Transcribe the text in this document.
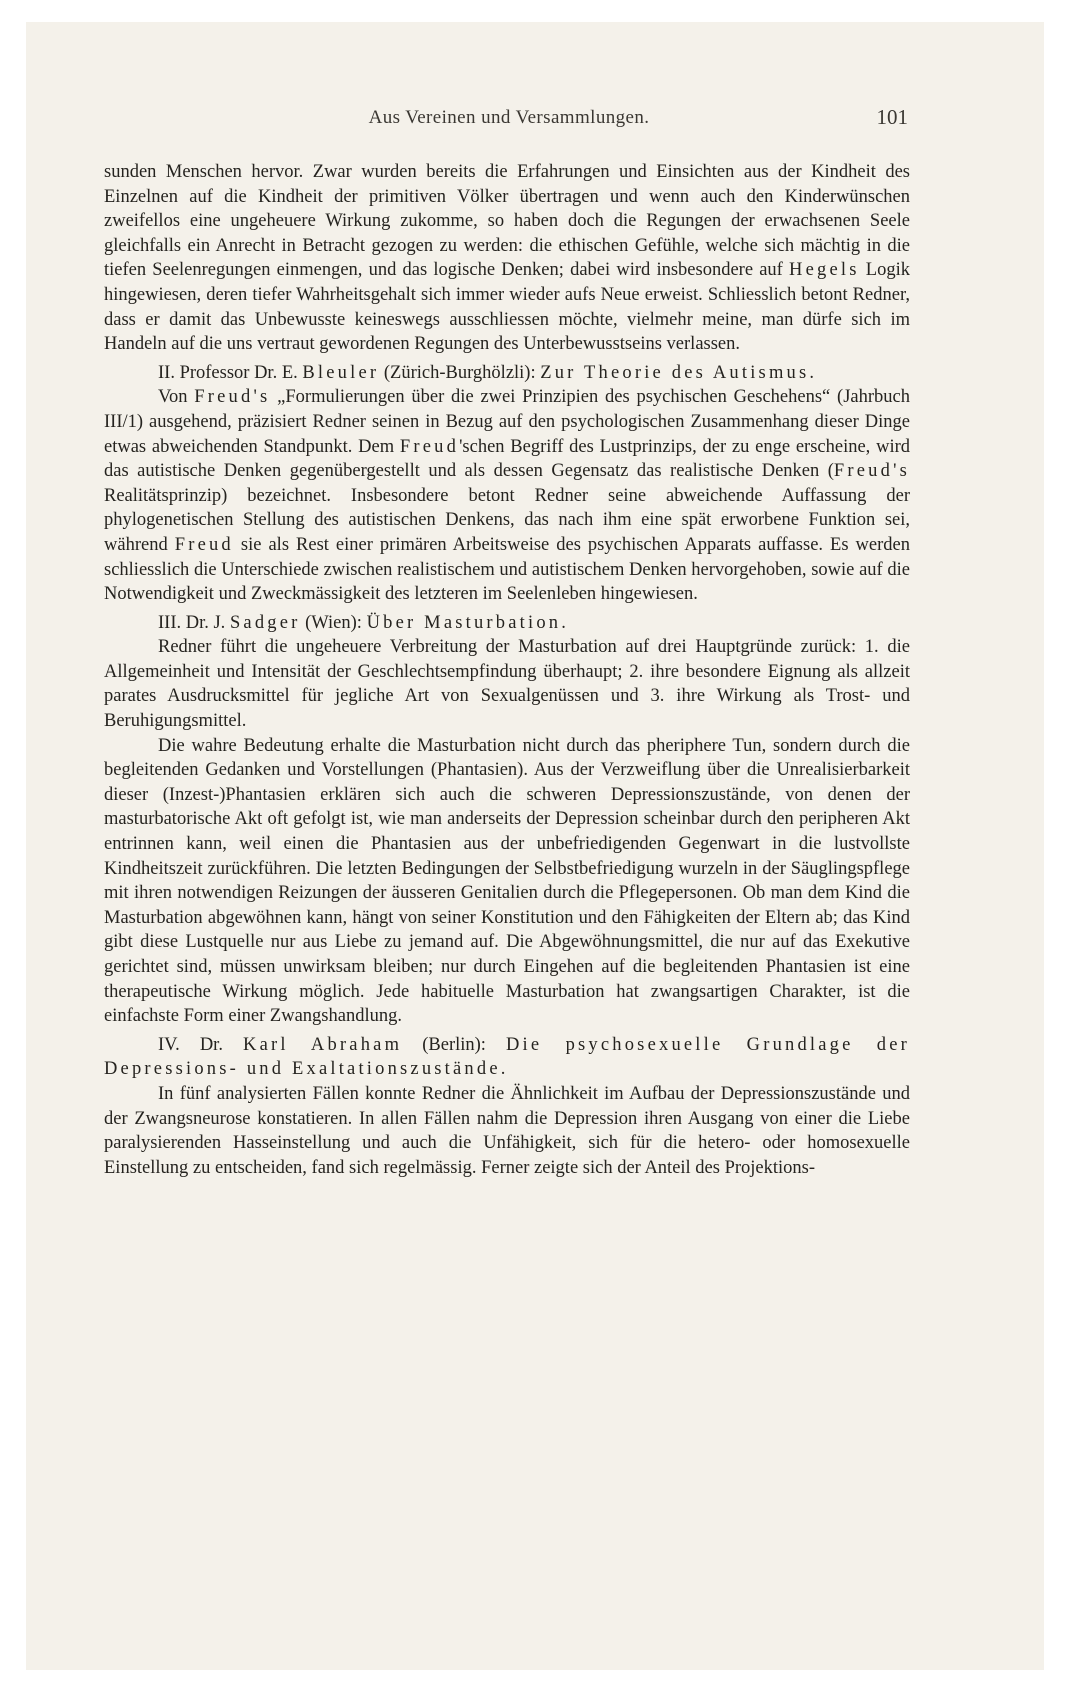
Aus Vereinen und Versammlungen.	101

sunden Menschen hervor. Zwar wurden bereits die Erfahrungen und Einsichten aus der Kindheit des Einzelnen auf die Kindheit der primitiven Völker übertragen und wenn auch den Kinderwünschen zweifellos eine ungeheuere Wirkung zukomme, so haben doch die Regungen der erwachsenen Seele gleichfalls ein Anrecht in Betracht gezogen zu werden: die ethischen Gefühle, welche sich mächtig in die tiefen Seelenregungen einmengen, und das logische Denken; dabei wird insbesondere auf Hegels Logik hingewiesen, deren tiefer Wahrheitsgehalt sich immer wieder aufs Neue erweist. Schliesslich betont Redner, dass er damit das Unbewusste keineswegs ausschliessen möchte, vielmehr meine, man dürfe sich im Handeln auf die uns vertraut gewordenen Regungen des Unterbewusstseins verlassen.

II. Professor Dr. E. Bleuler (Zürich-Burghölzli): Zur Theorie des Autismus.

Von Freud's „Formulierungen über die zwei Prinzipien des psychischen Geschehens“ (Jahrbuch III/1) ausgehend, präzisiert Redner seinen in Bezug auf den psychologischen Zusammenhang dieser Dinge etwas abweichenden Standpunkt. Dem Freud'schen Begriff des Lustprinzips, der zu enge erscheine, wird das autistische Denken gegenübergestellt und als dessen Gegensatz das realistische Denken (Freud's Realitätsprinzip) bezeichnet. Insbesondere betont Redner seine abweichende Auffassung der phylogenetischen Stellung des autistischen Denkens, das nach ihm eine spät erworbene Funktion sei, während Freud sie als Rest einer primären Arbeitsweise des psychischen Apparats auffasse. Es werden schliesslich die Unterschiede zwischen realistischem und autistischem Denken hervorgehoben, sowie auf die Notwendigkeit und Zweckmässigkeit des letzteren im Seelenleben hingewiesen.

III. Dr. J. Sadger (Wien): Über Masturbation.

Redner führt die ungeheuere Verbreitung der Masturbation auf drei Hauptgründe zurück: 1. die Allgemeinheit und Intensität der Geschlechtsempfindung überhaupt; 2. ihre besondere Eignung als allzeit parates Ausdrucksmittel für jegliche Art von Sexualgenüssen und 3. ihre Wirkung als Trost- und Beruhigungsmittel.

Die wahre Bedeutung erhalte die Masturbation nicht durch das pheriphere Tun, sondern durch die begleitenden Gedanken und Vorstellungen (Phantasien). Aus der Verzweiflung über die Unrealisierbarkeit dieser (Inzest-)Phantasien erklären sich auch die schweren Depressionszustände, von denen der masturbatorische Akt oft gefolgt ist, wie man anderseits der Depression scheinbar durch den peripheren Akt entrinnen kann, weil einen die Phantasien aus der unbefriedigenden Gegenwart in die lustvollste Kindheitszeit zurückführen. Die letzten Bedingungen der Selbstbefriedigung wurzeln in der Säuglingspflege mit ihren notwendigen Reizungen der äusseren Genitalien durch die Pflegepersonen. Ob man dem Kind die Masturbation abgewöhnen kann, hängt von seiner Konstitution und den Fähigkeiten der Eltern ab; das Kind gibt diese Lustquelle nur aus Liebe zu jemand auf. Die Abgewöhnungsmittel, die nur auf das Exekutive gerichtet sind, müssen unwirksam bleiben; nur durch Eingehen auf die begleitenden Phantasien ist eine therapeutische Wirkung möglich. Jede habituelle Masturbation hat zwangsartigen Charakter, ist die einfachste Form einer Zwangshandlung.

IV. Dr. Karl Abraham (Berlin): Die psychosexuelle Grundlage der Depressions- und Exaltationszustände.

In fünf analysierten Fällen konnte Redner die Ähnlichkeit im Aufbau der Depressionszustände und der Zwangsneurose konstatieren. In allen Fällen nahm die Depression ihren Ausgang von einer die Liebe paralysierenden Hasseinstellung und auch die Unfähigkeit, sich für die hetero- oder homosexuelle Einstellung zu entscheiden, fand sich regelmässig. Ferner zeigte sich der Anteil des Projektions-
